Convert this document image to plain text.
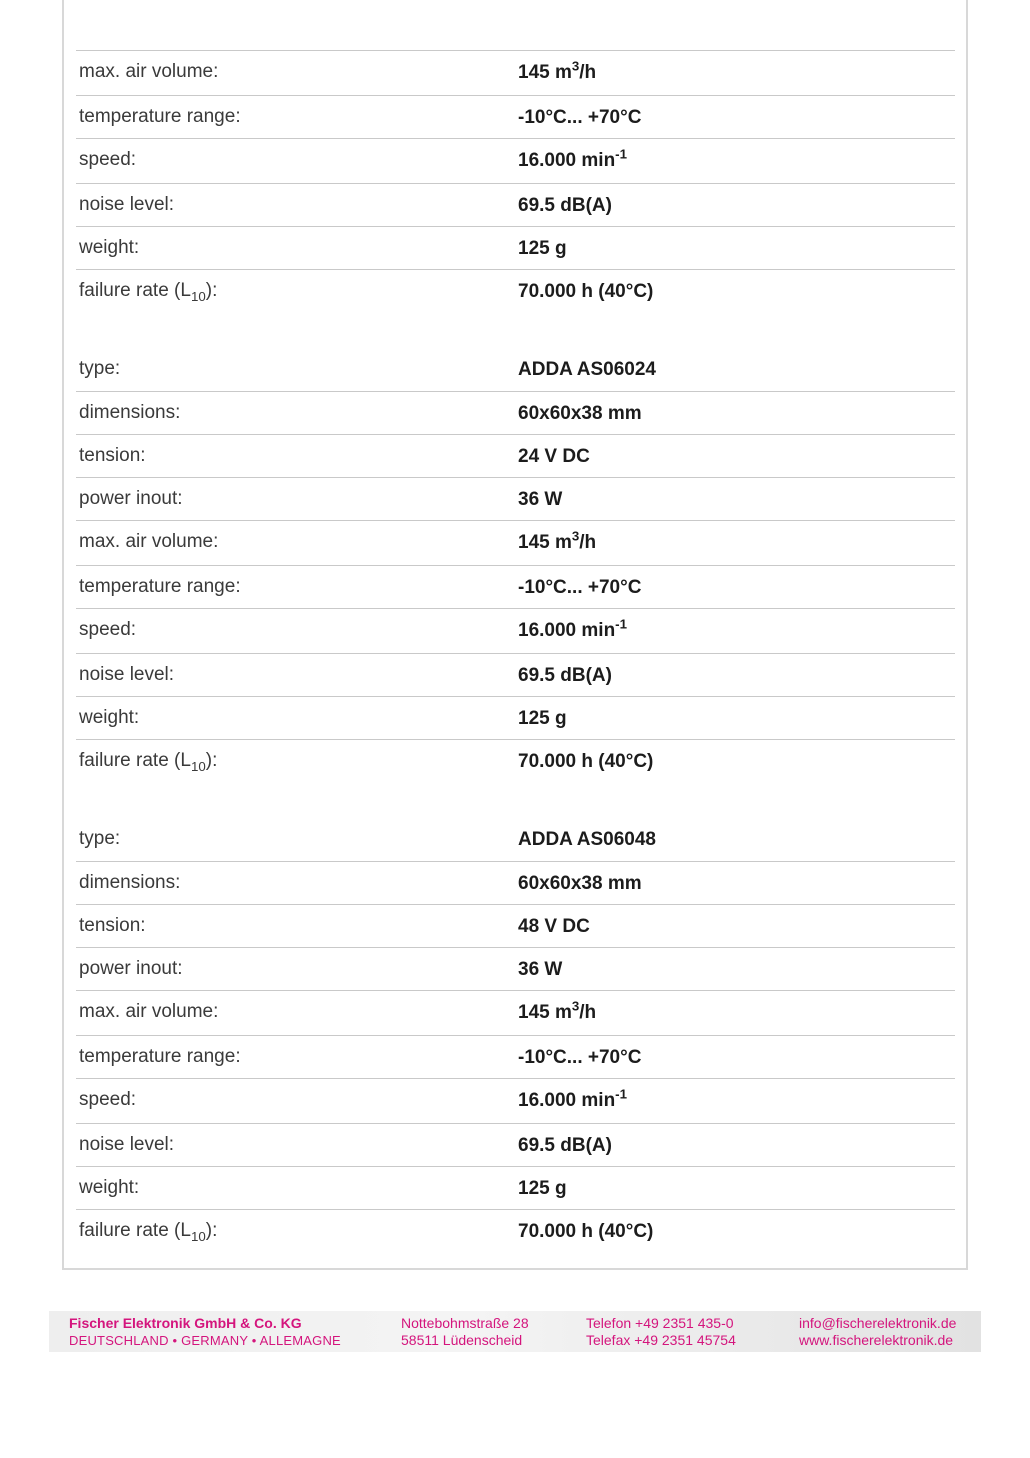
max. air volume:	145 $m^3/h$
temperature range:	-10°C... +70°C
speed:	16.000 $\min^{-1}$
noise level:	69.5 dB(A)
weight:	125 g
failure rate $(L_{10})$:	70.000 h (40°C)
type:	ADDA AS06024
dimensions:	60x60x38 mm
tension:	24 V DC
power inout:	36 W
max. air volume:	145 $m^3/h$
temperature range:	-10°C... +70°C
speed:	16.000 $\min^{-1}$
noise level:	69.5 dB(A)
weight:	125 g
failure rate $(L_{10})$:	70.000 h (40°C)
type:	ADDA AS06048
dimensions:	60x60x38 mm
tension:	48 V DC
power inout:	36 W
max. air volume:	145 $m^3/h$
temperature range:	-10°C... +70°C
speed:	16.000 $\min^{-1}$
noise level:	69.5 dB(A)
weight:	125 g
failure rate $(L_{10})$:	70.000 h (40°C)
Fischer Elektronik GmbH & Co. KG
DEUTSCHLAND • GERMANY • ALLEMAGNE
Nottebohmstraße 28
58511 Lüdenscheid
Telefon +49 2351 435-0
Telefax +49 2351 45754
info@fischerelektronik.de
www.fischerelektronik.de
